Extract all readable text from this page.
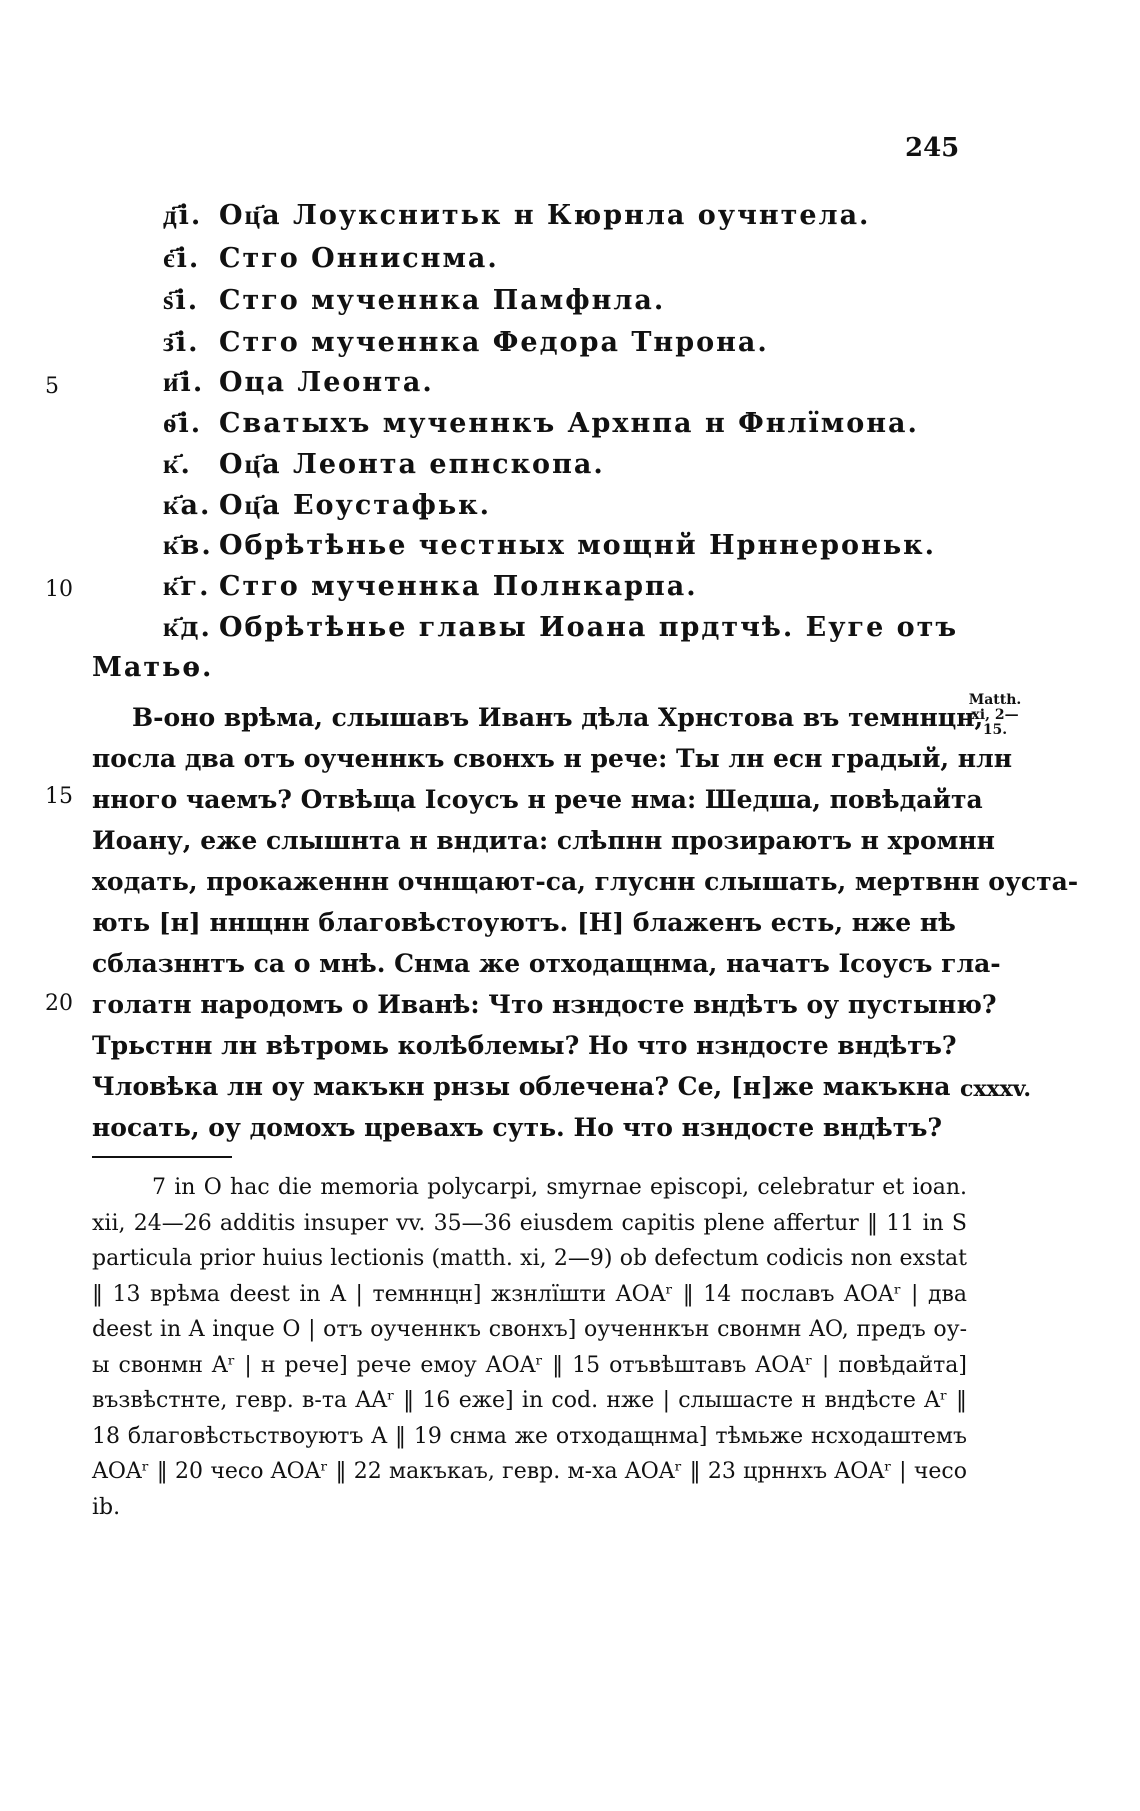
245
д҃і. Оц҃а Лоукснитьк н Кюрнла оучнтела.
є҃і. Стго Онниснма.
ѕ҃і. Стго мученнка Памфнла.
з҃і. Стго мученнка Федора Тнрона.
и҃і. Оца Леонта.
ѳ҃і. Сватыхъ мученнкъ Архнпа н Фнлїмона.
к҃. Оц҃а Леонта епнскопа.
к҃а. Оц҃а Еоустафьк.
к҃в. Обрѣтѣнье честных мощнй Нрннероньк.
к҃г. Стго мученнка Полнкарпа.
к҃д. Обрѣтѣнье главы Иоана прдтчѣ. Еуге отъ
Матьѳ.
5
10
15
20
В-оно врѣма, слышавъ Иванъ дѣла Хрнстова въ темннцн,
посла два отъ оученнкъ свонхъ н рече: Ты лн есн градый, нлн
нного чаемъ? Отвѣща Ісоусъ н рече нма: Шедша, повѣдайта
Иоану, еже слышнта н вндита: слѣпнн прозираютъ н хромнн
ходать, прокаженнн очнщают-са, глуснн слышать, мертвнн оуста-
ють [н] ннщнн благовѣстоуютъ. [Н] блаженъ есть, нже нѣ
сблазннтъ са о мнѣ. Снма же отходащнма, начатъ Ісоусъ гла-
голатн народомъ о Иванѣ: Что нзндосте вндѣтъ оу пустыню?
Трьстнн лн вѣтромь колѣблемы? Но что нзндосте вндѣтъ?
Чловѣка лн оу макъкн рнзы облечена? Се, [н]же макъкна
носать, оу домохъ цревахъ суть. Но что нзндосте вндѣтъ?
Matth. xi, 2—15.
cxxxv.
7 in O hac die memoria polycarpi, smyrnae episcopi, celebratur et ioan. xii, 24—26 additis insuper vv. 35—36 eiusdem capitis plene affertur ‖ 11 in S particula prior huius lectionis (matth. xi, 2—9) ob defectum codicis non exstat ‖ 13 врѣма deest in A | темннцн] жзнлїшти AOAʳ ‖ 14 пославъ AOAʳ | два deest in A inque O | отъ оученнкъ свонхъ] оученнкън свонмн AO, предъ оу-ы свонмн Aʳ | н рече] рече емоу AOAʳ ‖ 15 отъвѣштавъ AOAʳ | повѣдайта] възвѣстнте, гевр. в-та AAʳ ‖ 16 еже] in cod. нже | слышасте н вндѣсте Aʳ ‖ 18 благовѣстьствоуютъ A ‖ 19 снма же отходащнма] тѣмьже нсходаштемъ AOAʳ ‖ 20 чесо AOAʳ ‖ 22 макъкаъ, гевр. м-ха AOAʳ ‖ 23 црннхъ AOAʳ | чесо ib.
